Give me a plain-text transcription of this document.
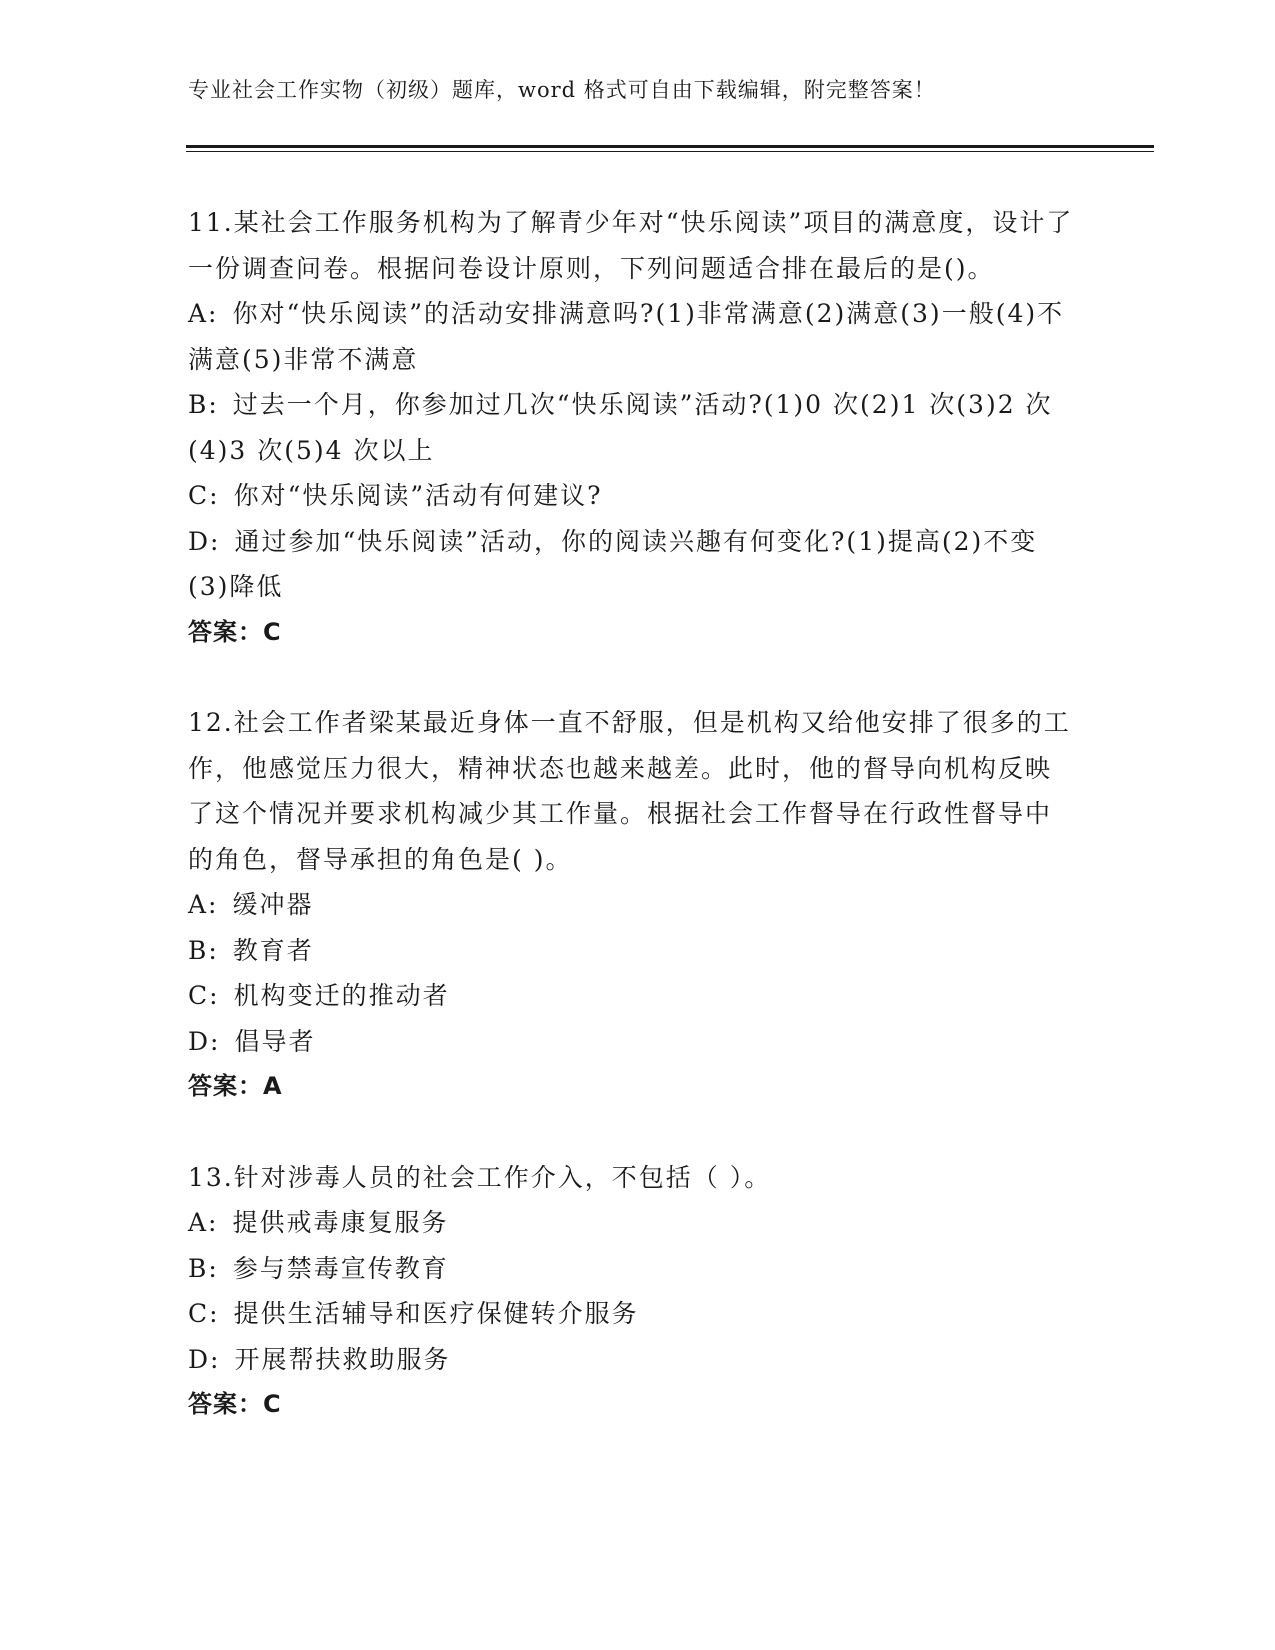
专业社会工作实物（初级）题库，word 格式可自由下载编辑，附完整答案！

11.某社会工作服务机构为了解青少年对“快乐阅读”项目的满意度，设计了一份调查问卷。根据问卷设计原则，下列问题适合排在最后的是()。

A: 你对“快乐阅读”的活动安排满意吗?(1)非常满意(2)满意(3)一般(4)不满意(5)非常不满意

B: 过去一个月，你参加过几次“快乐阅读”活动?(1)0 次(2)1 次(3)2 次(4)3 次(5)4 次以上

C: 你对“快乐阅读”活动有何建议?

D: 通过参加“快乐阅读”活动，你的阅读兴趣有何变化?(1)提高(2)不变(3)降低

答案：C

12.社会工作者梁某最近身体一直不舒服，但是机构又给他安排了很多的工作，他感觉压力很大，精神状态也越来越差。此时，他的督导向机构反映了这个情况并要求机构减少其工作量。根据社会工作督导在行政性督导中的角色，督导承担的角色是( )。

A: 缓冲器

B: 教育者

C: 机构变迁的推动者

D: 倡导者

答案：A

13.针对涉毒人员的社会工作介入，不包括（ ）。

A: 提供戒毒康复服务

B: 参与禁毒宣传教育

C: 提供生活辅导和医疗保健转介服务

D: 开展帮扶救助服务

答案：C
